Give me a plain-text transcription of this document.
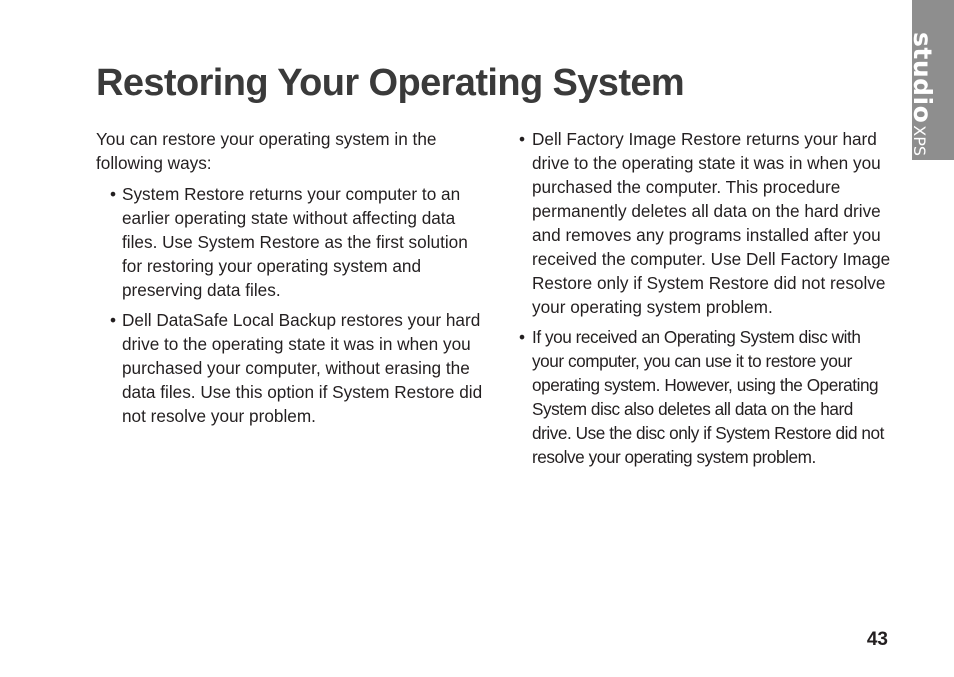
studioXPS
Restoring Your Operating System

You can restore your operating system in the following ways:

• System Restore returns your computer to an earlier operating state without affecting data files. Use System Restore as the first solution for restoring your operating system and preserving data files.
• Dell DataSafe Local Backup restores your hard drive to the operating state it was in when you purchased your computer, without erasing the data files. Use this option if System Restore did not resolve your problem.
• Dell Factory Image Restore returns your hard drive to the operating state it was in when you purchased the computer. This procedure permanently deletes all data on the hard drive and removes any programs installed after you received the computer. Use Dell Factory Image Restore only if System Restore did not resolve your operating system problem.
• If you received an Operating System disc with your computer, you can use it to restore your operating system. However, using the Operating System disc also deletes all data on the hard drive. Use the disc only if System Restore did not resolve your operating system problem.
43
